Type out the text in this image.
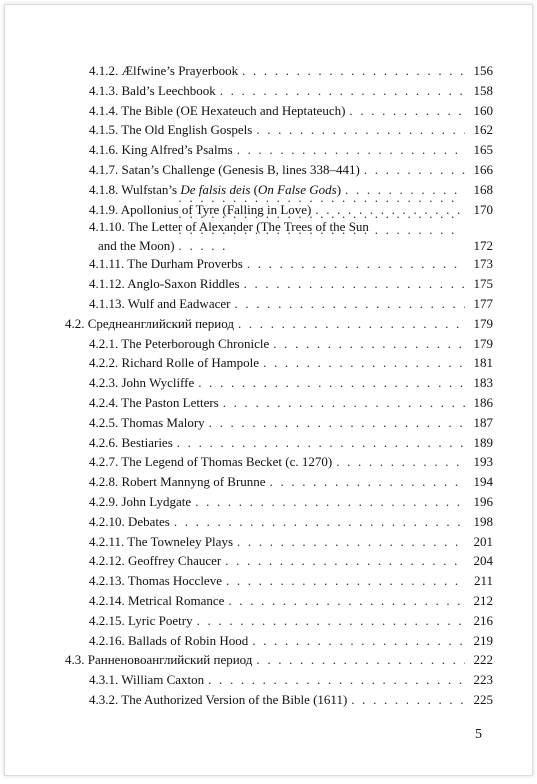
4.1.2. Ælfwine’s Prayerbook . . .	156
4.1.3. Bald’s Leechbook . . .	158
4.1.4. The Bible (OE Hexateuch and Heptateuch) . . .	160
4.1.5. The Old English Gospels . . .	162
4.1.6. King Alfred’s Psalms . . .	165
4.1.7. Satan’s Challenge (Genesis B, lines 338–441) . . .	166
4.1.8. Wulfstan’s De falsis deis (On False Gods) . . .	168
4.1.9. Apollonius of Tyre (Falling in Love) . . .	170
4.1.10. The Letter of Alexander (The Trees of the Sun
and the Moon) . . .	172
4.1.11. The Durham Proverbs . . .	173
4.1.12. Anglo-Saxon Riddles . . .	175
4.1.13. Wulf and Eadwacer . . .	177
4.2. Среднеанглийский период . . .	179
4.2.1. The Peterborough Chronicle . . .	179
4.2.2. Richard Rolle of Hampole . . .	181
4.2.3. John Wycliffe . . .	183
4.2.4. The Paston Letters . . .	186
4.2.5. Thomas Malory . . .	187
4.2.6. Bestiaries . . .	189
4.2.7. The Legend of Thomas Becket (c. 1270) . . .	193
4.2.8. Robert Mannyng of Brunne . . .	194
4.2.9. John Lydgate . . .	196
4.2.10. Debates . . .	198
4.2.11. The Towneley Plays . . .	201
4.2.12. Geoffrey Chaucer . . .	204
4.2.13. Thomas Hoccleve . . .	211
4.2.14. Metrical Romance . . .	212
4.2.15. Lyric Poetry . . .	216
4.2.16. Ballads of Robin Hood . . .	219
4.3. Ранненовоанглийский период . . .	222
4.3.1. William Caxton . . .	223
4.3.2. The Authorized Version of the Bible (1611) . . .	225
5
